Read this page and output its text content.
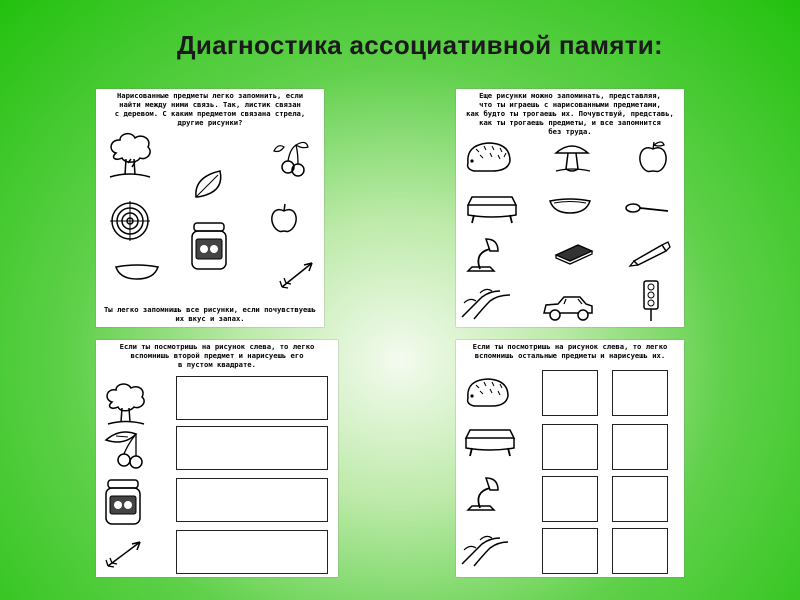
Диагностика ассоциативной памяти:
Нарисованные предметы легко запомнить, если
найти между ними связь. Так, листик связан
с деревом. С каким предметом связана стрела,
другие рисунки?
Ты легко запомнишь все рисунки, если почувствуешь
их вкус и запах.
Еще рисунки можно запоминать, представляя,
что ты играешь с нарисованными предметами,
как будто ты трогаешь их. Почувствуй, представь,
как ты трогаешь предметы, и все запомнится
без труда.
Если ты посмотришь на рисунок слева, то легко
вспомнишь второй предмет и нарисуешь его
в пустом квадрате.
Если ты посмотришь на рисунок слева, то легко
вспомнишь остальные предметы и нарисуешь их.
